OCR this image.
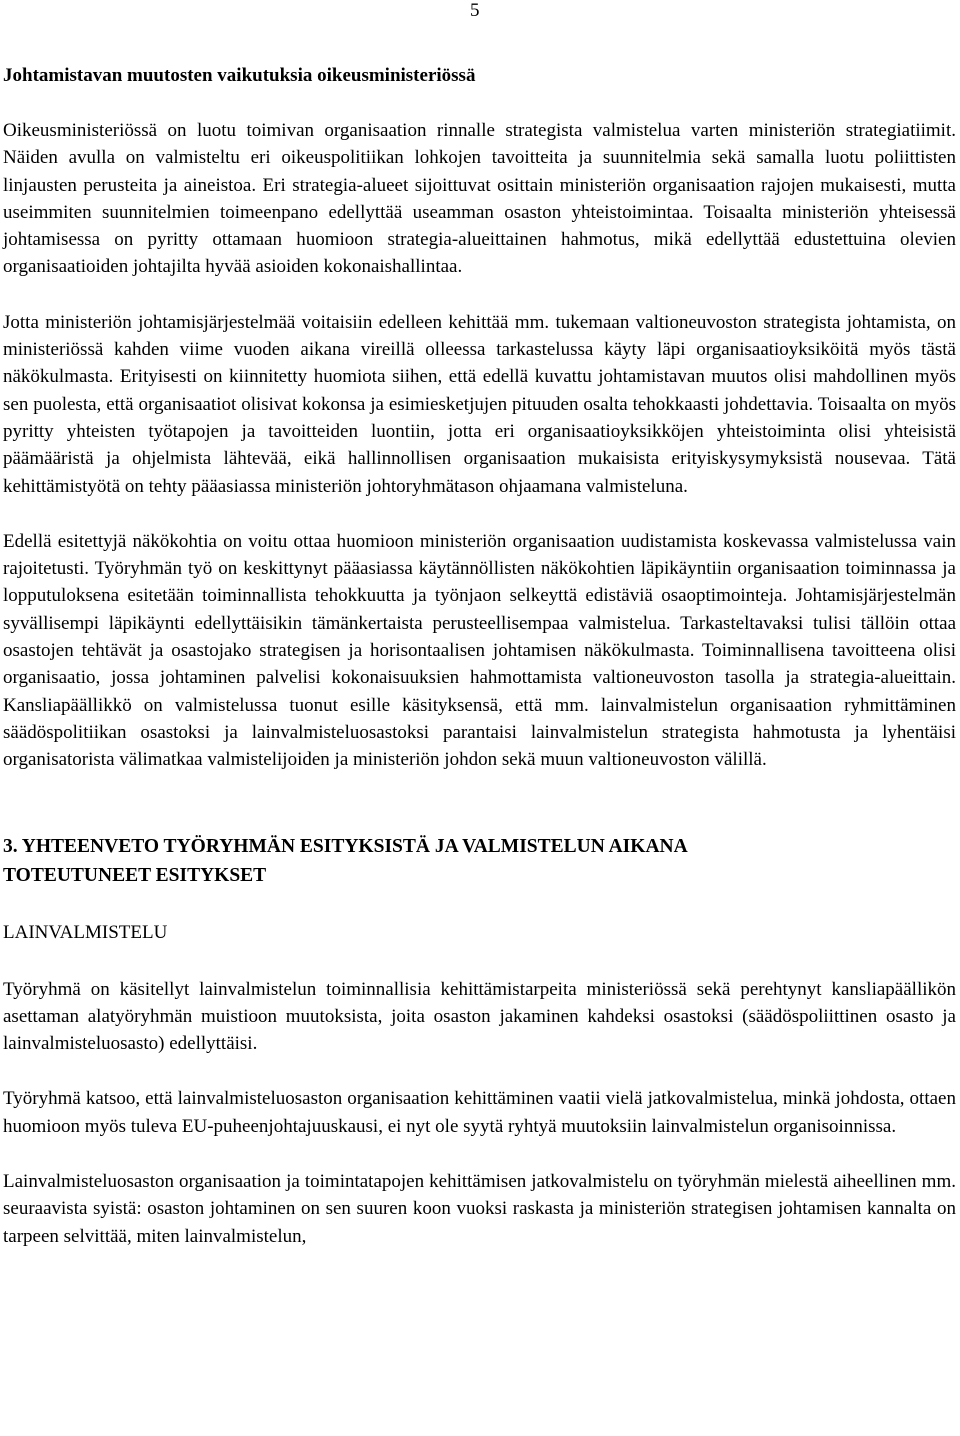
5
Johtamistavan muutosten vaikutuksia oikeusministeriössä

Oikeusministeriössä on luotu toimivan organisaation rinnalle strategista valmistelua varten ministeriön strategiatiimit. Näiden avulla on valmisteltu eri oikeuspolitiikan lohkojen tavoitteita ja suunnitelmia sekä samalla luotu poliittisten linjausten perusteita ja aineistoa. Eri strategia-alueet sijoittuvat osittain ministeriön organisaation rajojen mukaisesti, mutta useimmiten suunnitelmien toimeenpano edellyttää useamman osaston yhteistoimintaa. Toisaalta ministeriön yhteisessä johtamisessa on pyritty ottamaan huomioon strategia-alueittainen hahmotus, mikä edellyttää edustettuina olevien organisaatioiden johtajilta hyvää asioiden kokonaishallintaa.

Jotta ministeriön johtamisjärjestelmää voitaisiin edelleen kehittää mm. tukemaan valtioneuvoston strategista johtamista, on ministeriössä kahden viime vuoden aikana vireillä olleessa tarkastelussa käyty läpi organisaatioyksiköitä myös tästä näkökulmasta. Erityisesti on kiinnitetty huomiota siihen, että edellä kuvattu johtamistavan muutos olisi mahdollinen myös sen puolesta, että organisaatiot olisivat kokonsa ja esimiesketjujen pituuden osalta tehokkaasti johdettavia. Toisaalta on myös pyritty yhteisten työtapojen ja tavoitteiden luontiin, jotta eri organisaatioyksikköjen yhteistoiminta olisi yhteisistä päämääristä ja ohjelmista lähtevää, eikä hallinnollisen organisaation mukaisista erityiskysymyksistä nousevaa. Tätä kehittämistyötä on tehty pääasiassa ministeriön johtoryhmätason ohjaamana valmisteluna.

Edellä esitettyjä näkökohtia on voitu ottaa huomioon ministeriön organisaation uudistamista koskevassa valmistelussa vain rajoitetusti. Työryhmän työ on keskittynyt pääasiassa käytännöllisten näkökohtien läpikäyntiin organisaation toiminnassa ja lopputuloksena esitetään toiminnallista tehokkuutta ja työnjaon selkeyttä edistäviä osaoptimointeja. Johtamisjärjestelmän syvällisempi läpikäynti edellyttäisikin tämänkertaista perusteellisempaa valmistelua. Tarkasteltavaksi tulisi tällöin ottaa osastojen tehtävät ja osastojako strategisen ja horisontaalisen johtamisen näkökulmasta. Toiminnallisena tavoitteena olisi organisaatio, jossa johtaminen palvelisi kokonaisuuksien hahmottamista valtioneuvoston tasolla ja strategia-alueittain. Kansliapäällikkö on valmistelussa tuonut esille käsityksensä, että mm. lainvalmistelun organisaation ryhmittäminen säädöspolitiikan osastoksi ja lainvalmisteluosastoksi parantaisi lainvalmistelun strategista hahmotusta ja lyhentäisi organisatorista välimatkaa valmistelijoiden ja ministeriön johdon sekä muun valtioneuvoston välillä.

3. YHTEENVETO TYÖRYHMÄN ESITYKSISTÄ JA VALMISTELUN AIKANA
TOTEUTUNEET ESITYKSET
LAINVALMISTELU

Työryhmä on käsitellyt lainvalmistelun toiminnallisia kehittämistarpeita ministeriössä sekä perehtynyt kansliapäällikön asettaman alatyöryhmän muistioon muutoksista, joita osaston jakaminen kahdeksi osastoksi (säädöspoliittinen osasto ja lainvalmisteluosasto) edellyttäisi.

Työryhmä katsoo, että lainvalmisteluosaston organisaation kehittäminen vaatii vielä jatkovalmistelua, minkä johdosta, ottaen huomioon myös tuleva EU-puheenjohtajuuskausi, ei nyt ole syytä ryhtyä muutoksiin lainvalmistelun organisoinnissa.

Lainvalmisteluosaston organisaation ja toimintatapojen kehittämisen jatkovalmistelu on työryhmän mielestä aiheellinen mm. seuraavista syistä: osaston johtaminen on sen suuren koon vuoksi raskasta ja ministeriön strategisen johtamisen kannalta on tarpeen selvittää, miten lainvalmistelun,
